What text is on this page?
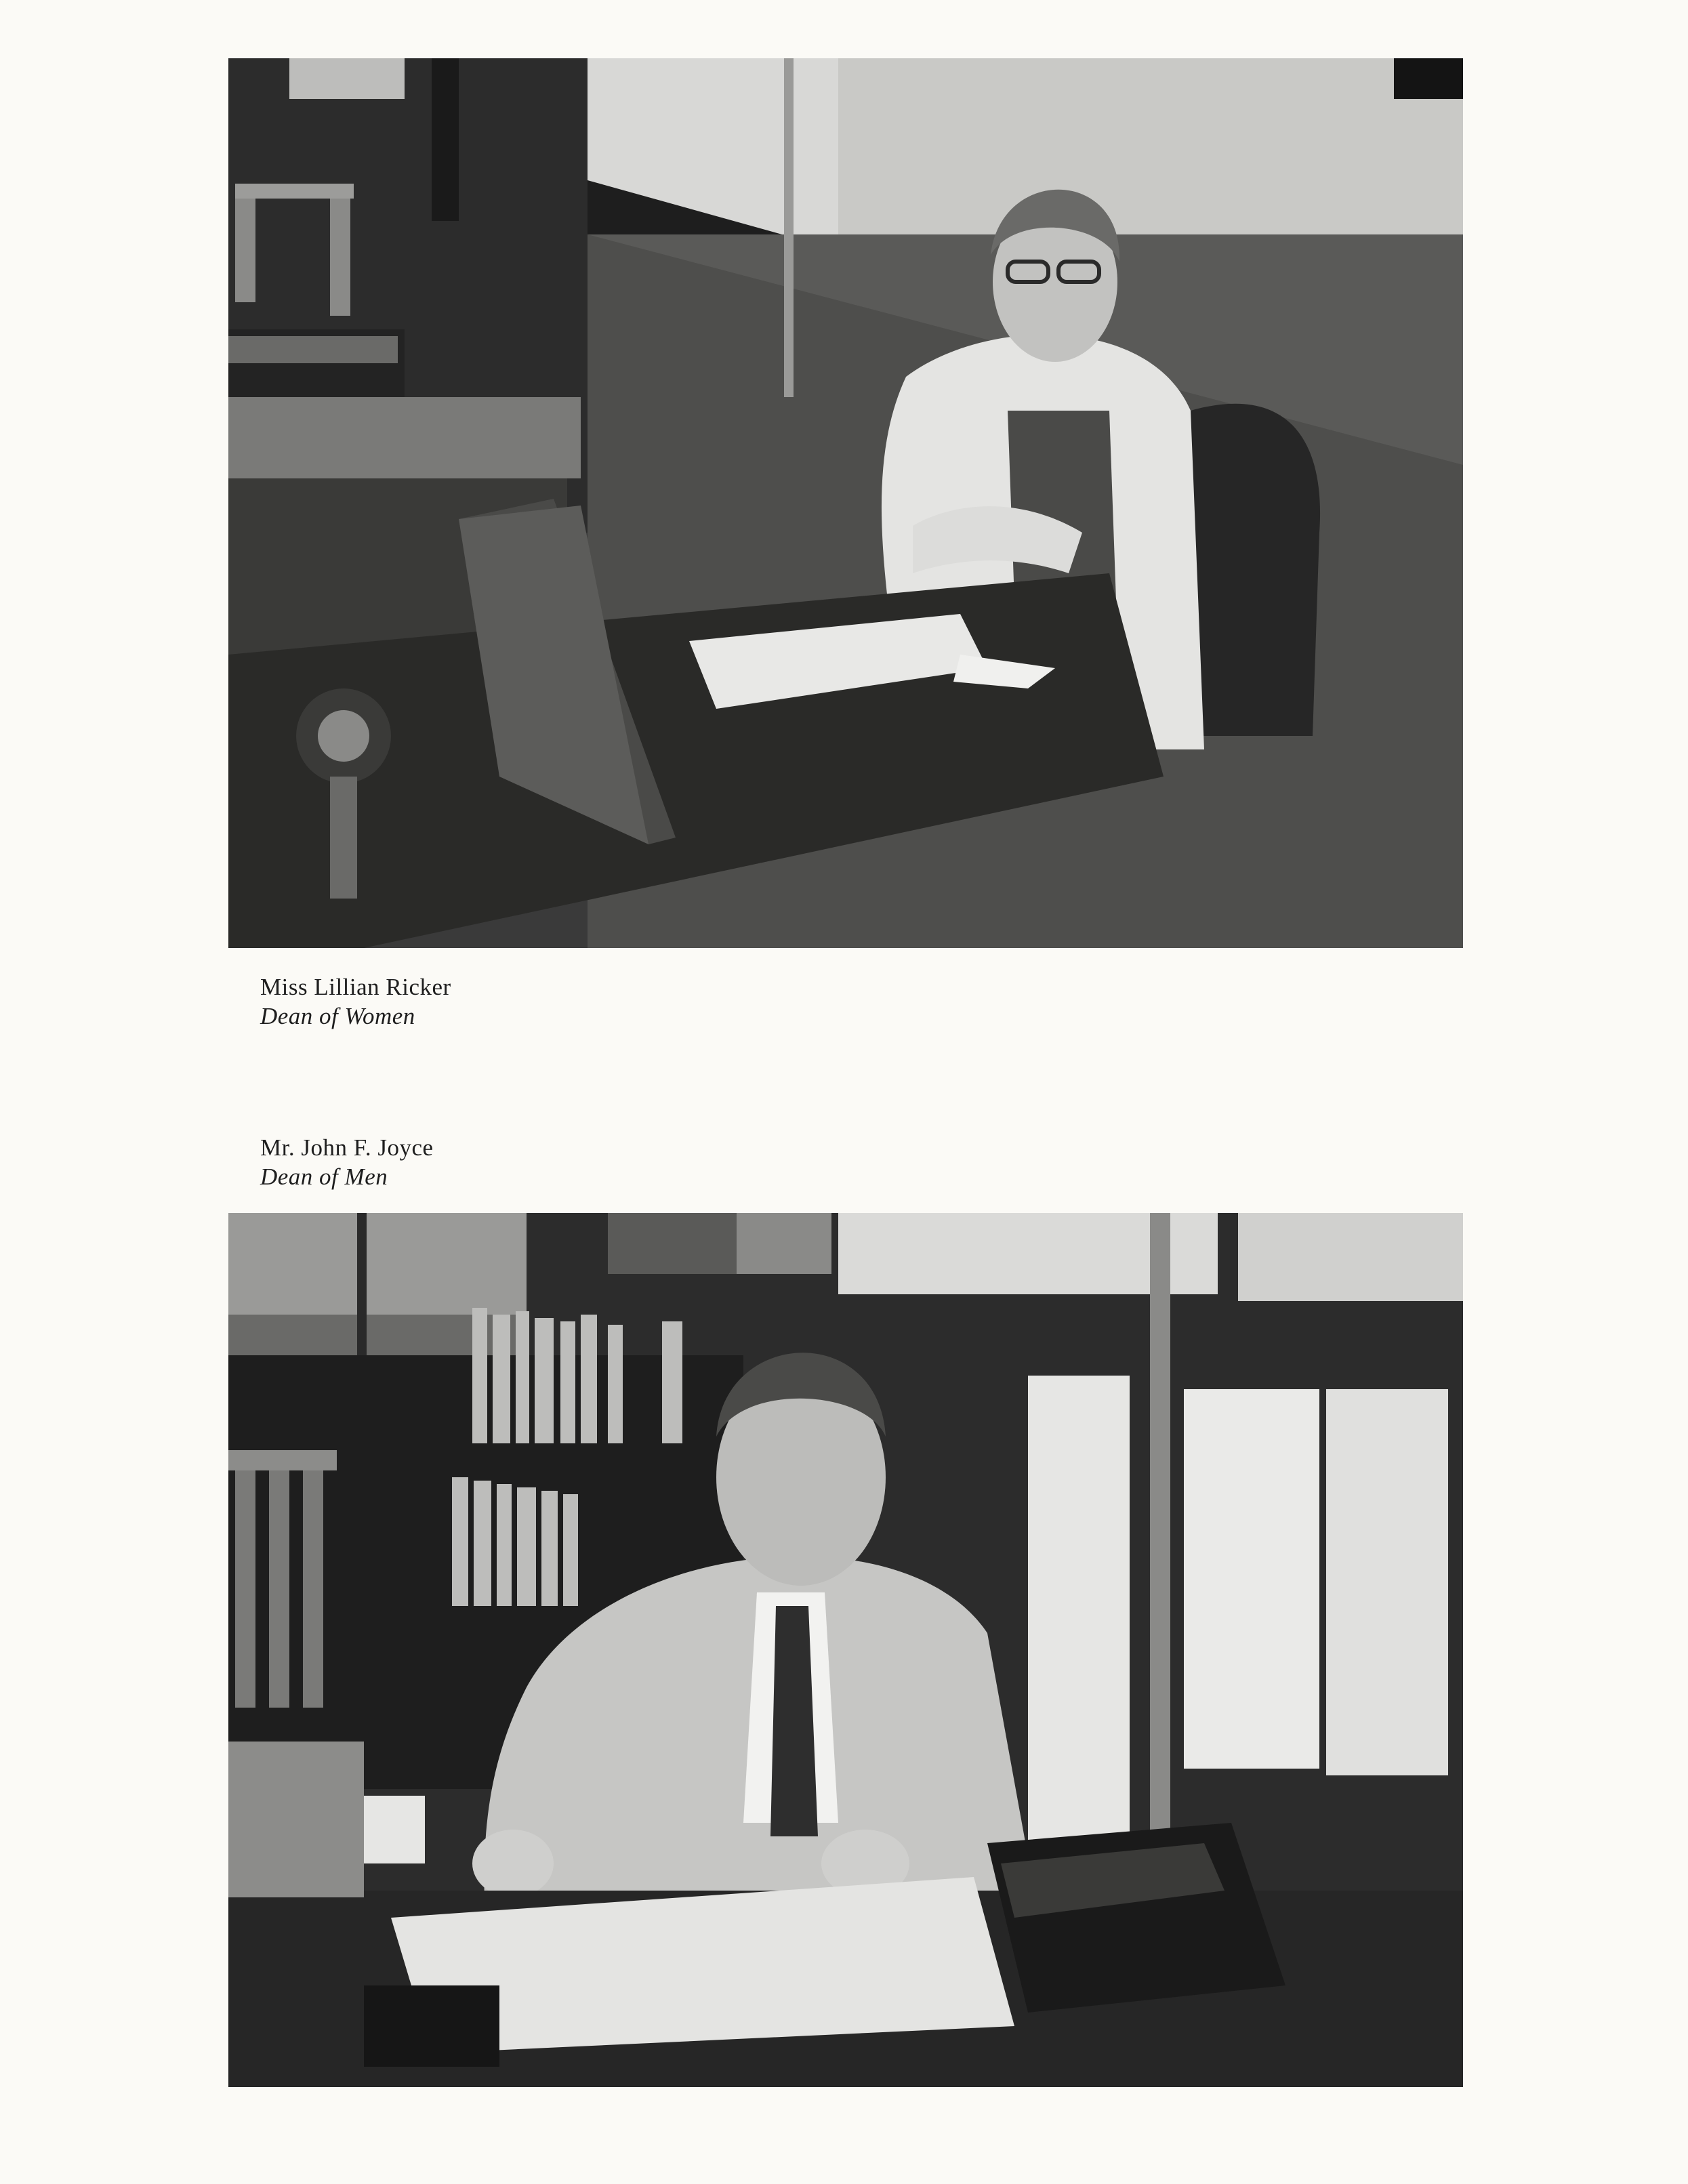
Miss Lillian Ricker
Dean of Women
Mr. John F. Joyce
Dean of Men
